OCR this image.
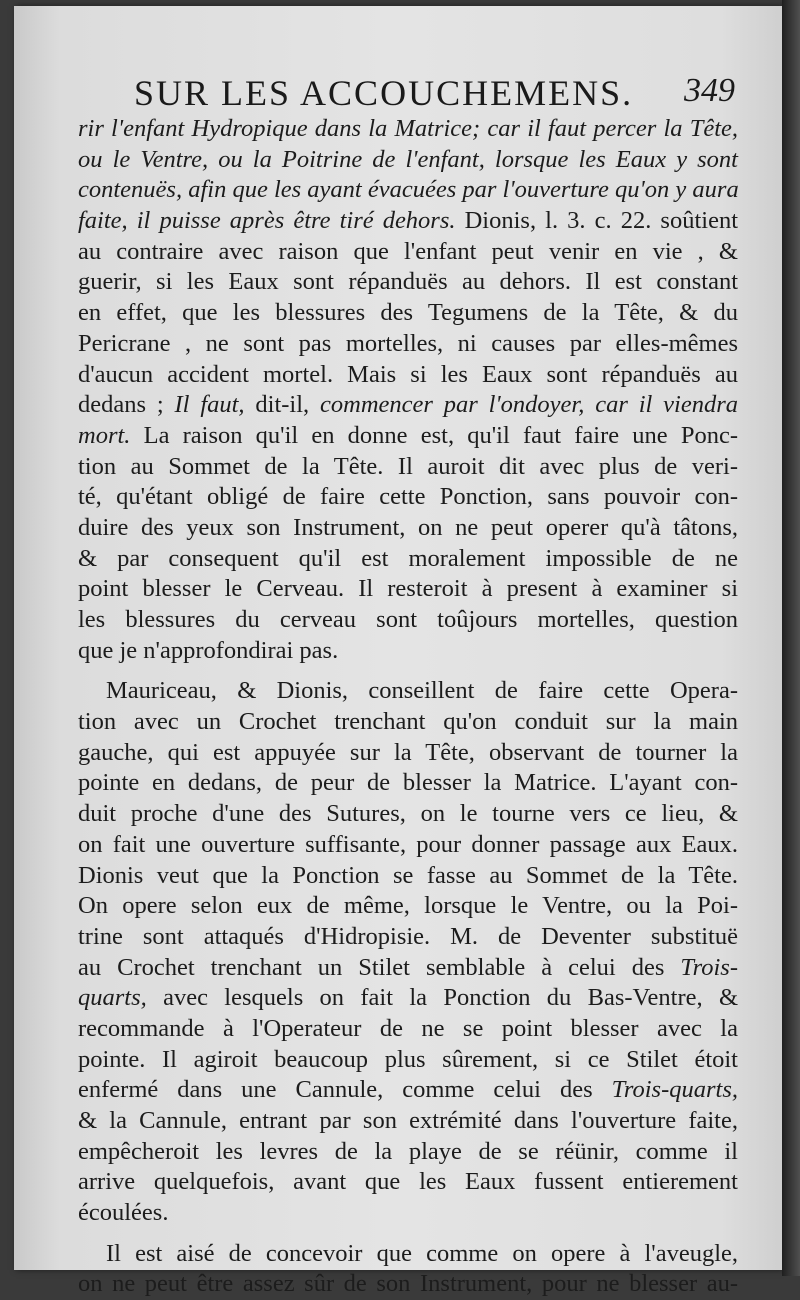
SUR LES ACCOUCHEMENS. 349
rir l'enfant Hydropique dans la Matrice; car il faut percer la Tête,
ou le Ventre, ou la Poitrine de l'enfant, lorsque les Eaux y sont
contenuës, afin que les ayant évacuées par l'ouverture qu'on y aura
faite, il puisse après être tiré dehors. Dionis, l. 3. c. 22. soûtient
au contraire avec raison que l'enfant peut venir en vie , &
guerir, si les Eaux sont répanduës au dehors. Il est constant
en effet, que les blessures des Tegumens de la Tête, & du
Pericrane , ne sont pas mortelles, ni causes par elles-mêmes
d'aucun accident mortel. Mais si les Eaux sont répanduës au
dedans ; Il faut, dit-il, commencer par l'ondoyer, car il viendra
mort. La raison qu'il en donne est, qu'il faut faire une Ponc-
tion au Sommet de la Tête. Il auroit dit avec plus de veri-
té, qu'étant obligé de faire cette Ponction, sans pouvoir con-
duire des yeux son Instrument, on ne peut operer qu'à tâtons,
& par consequent qu'il est moralement impossible de ne
point blesser le Cerveau. Il resteroit à present à examiner si
les blessures du cerveau sont toûjours mortelles, question
que je n'approfondirai pas.
Mauriceau, & Dionis, conseillent de faire cette Opera-
tion avec un Crochet trenchant qu'on conduit sur la main
gauche, qui est appuyée sur la Tête, observant de tourner la
pointe en dedans, de peur de blesser la Matrice. L'ayant con-
duit proche d'une des Sutures, on le tourne vers ce lieu, &
on fait une ouverture suffisante, pour donner passage aux Eaux.
Dionis veut que la Ponction se fasse au Sommet de la Tête.
On opere selon eux de même, lorsque le Ventre, ou la Poi-
trine sont attaqués d'Hidropisie. M. de Deventer substituë
au Crochet trenchant un Stilet semblable à celui des Trois-
quarts, avec lesquels on fait la Ponction du Bas-Ventre, &
recommande à l'Operateur de ne se point blesser avec la
pointe. Il agiroit beaucoup plus sûrement, si ce Stilet étoit
enfermé dans une Cannule, comme celui des Trois-quarts,
& la Cannule, entrant par son extrémité dans l'ouverture faite,
empêcheroit les levres de la playe de se réünir, comme il
arrive quelquefois, avant que les Eaux fussent entierement
écoulées.
Il est aisé de concevoir que comme on opere à l'aveugle,
on ne peut être assez sûr de son Instrument, pour ne blesser au-
